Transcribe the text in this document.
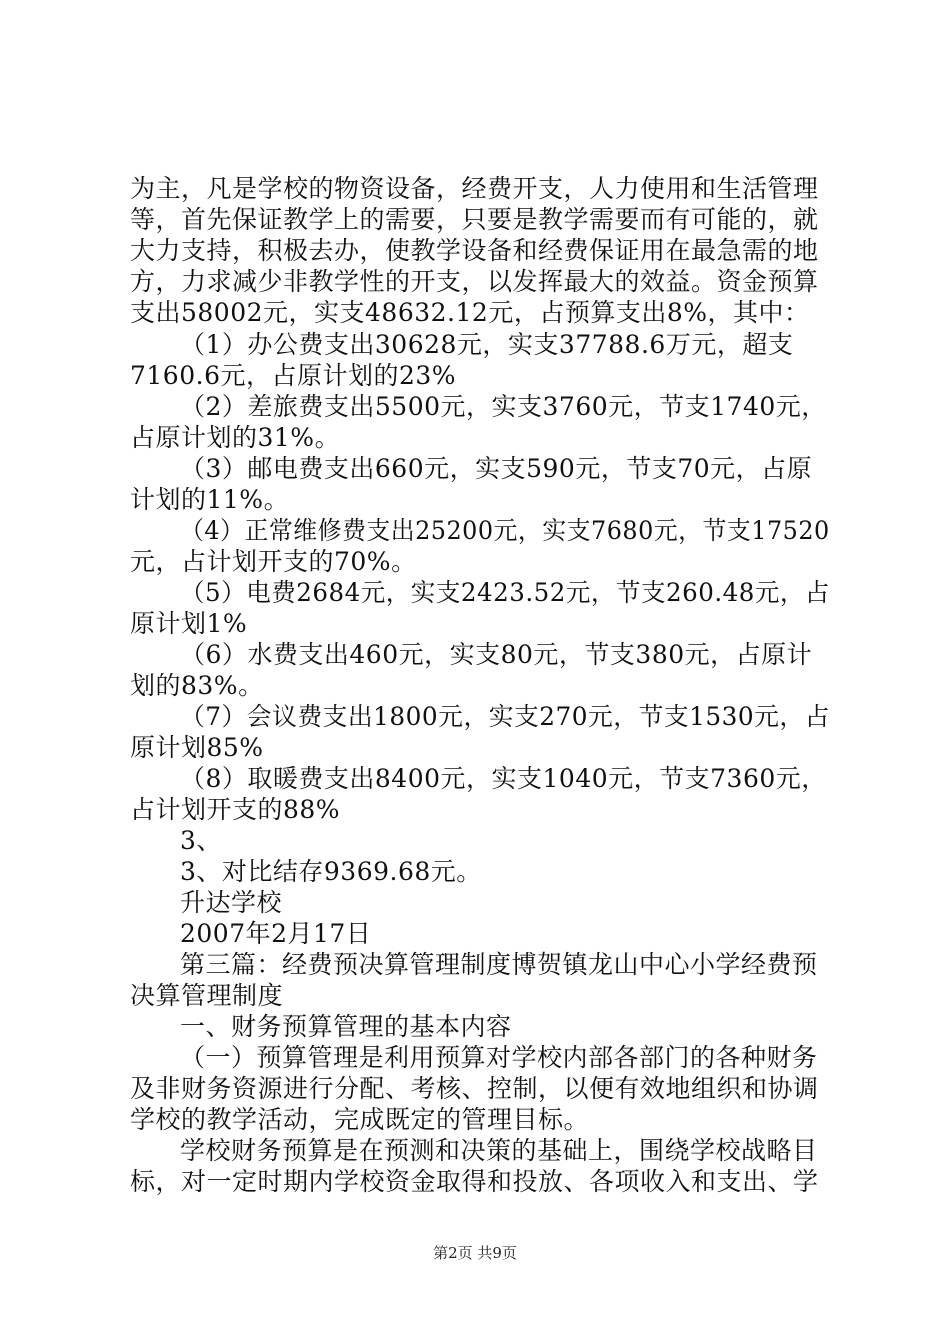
为主，凡是学校的物资设备，经费开支，人力使用和生活管理
等，首先保证教学上的需要，只要是教学需要而有可能的，就
大力支持，积极去办，使教学设备和经费保证用在最急需的地
方，力求减少非教学性的开支，以发挥最大的效益。资金预算
支出58002元，实支48632.12元，占预算支出8%，其中：
（1）办公费支出30628元，实支37788.6万元，超支
7160.6元，占原计划的23%
（2）差旅费支出5500元，实支3760元，节支1740元，
占原计划的31%。
（3）邮电费支出660元，实支590元，节支70元，占原
计划的11%。
（4）正常维修费支出25200元，实支7680元，节支17520
元，占计划开支的70%。
（5）电费2684元，实支2423.52元，节支260.48元，占
原计划1%
（6）水费支出460元，实支80元，节支380元，占原计
划的83%。
（7）会议费支出1800元，实支270元，节支1530元，占
原计划85%
（8）取暖费支出8400元，实支1040元，节支7360元，
占计划开支的88%
3、
3、对比结存9369.68元。
升达学校
2007年2月17日
第三篇：经费预决算管理制度博贺镇龙山中心小学经费预
决算管理制度
一、财务预算管理的基本内容
（一）预算管理是利用预算对学校内部各部门的各种财务
及非财务资源进行分配、考核、控制，以便有效地组织和协调
学校的教学活动，完成既定的管理目标。
学校财务预算是在预测和决策的基础上，围绕学校战略目
标，对一定时期内学校资金取得和投放、各项收入和支出、学
第2页 共9页
